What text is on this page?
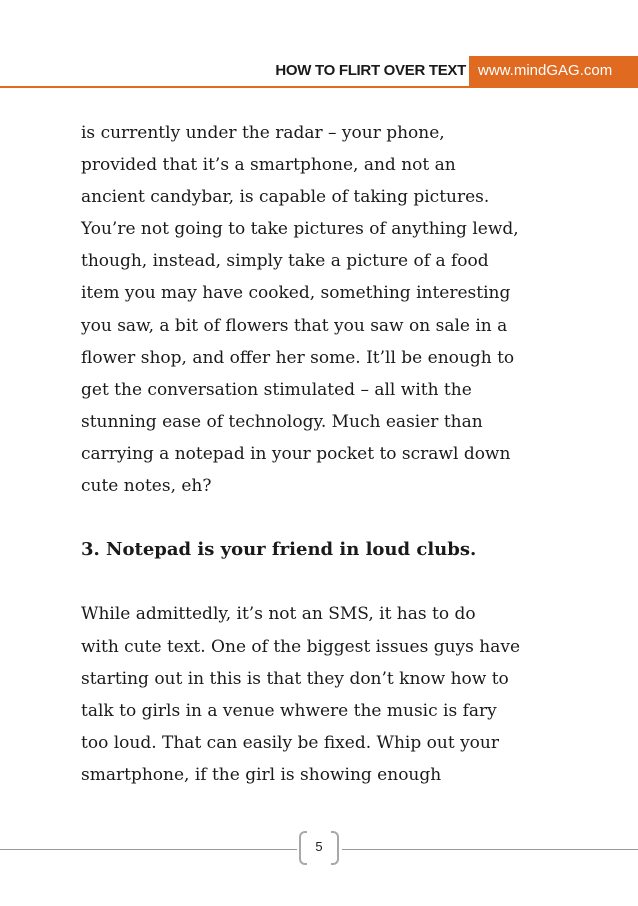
HOW TO FLIRT OVER TEXT www.mindGAG.com
is currently under the radar – your phone,
provided that it’s a smartphone, and not an
ancient candybar, is capable of taking pictures.
You’re not going to take pictures of anything lewd,
though, instead, simply take a picture of a food
item you may have cooked, something interesting
you saw, a bit of flowers that you saw on sale in a
flower shop, and offer her some. It’ll be enough to
get the conversation stimulated – all with the
stunning ease of technology. Much easier than
carrying a notepad in your pocket to scrawl down
cute notes, eh?
3. Notepad is your friend in loud clubs.
While admittedly, it’s not an SMS, it has to do
with cute text. One of the biggest issues guys have
starting out in this is that they don’t know how to
talk to girls in a venue whwere the music is fary
too loud. That can easily be fixed. Whip out your
smartphone, if the girl is showing enough
5
